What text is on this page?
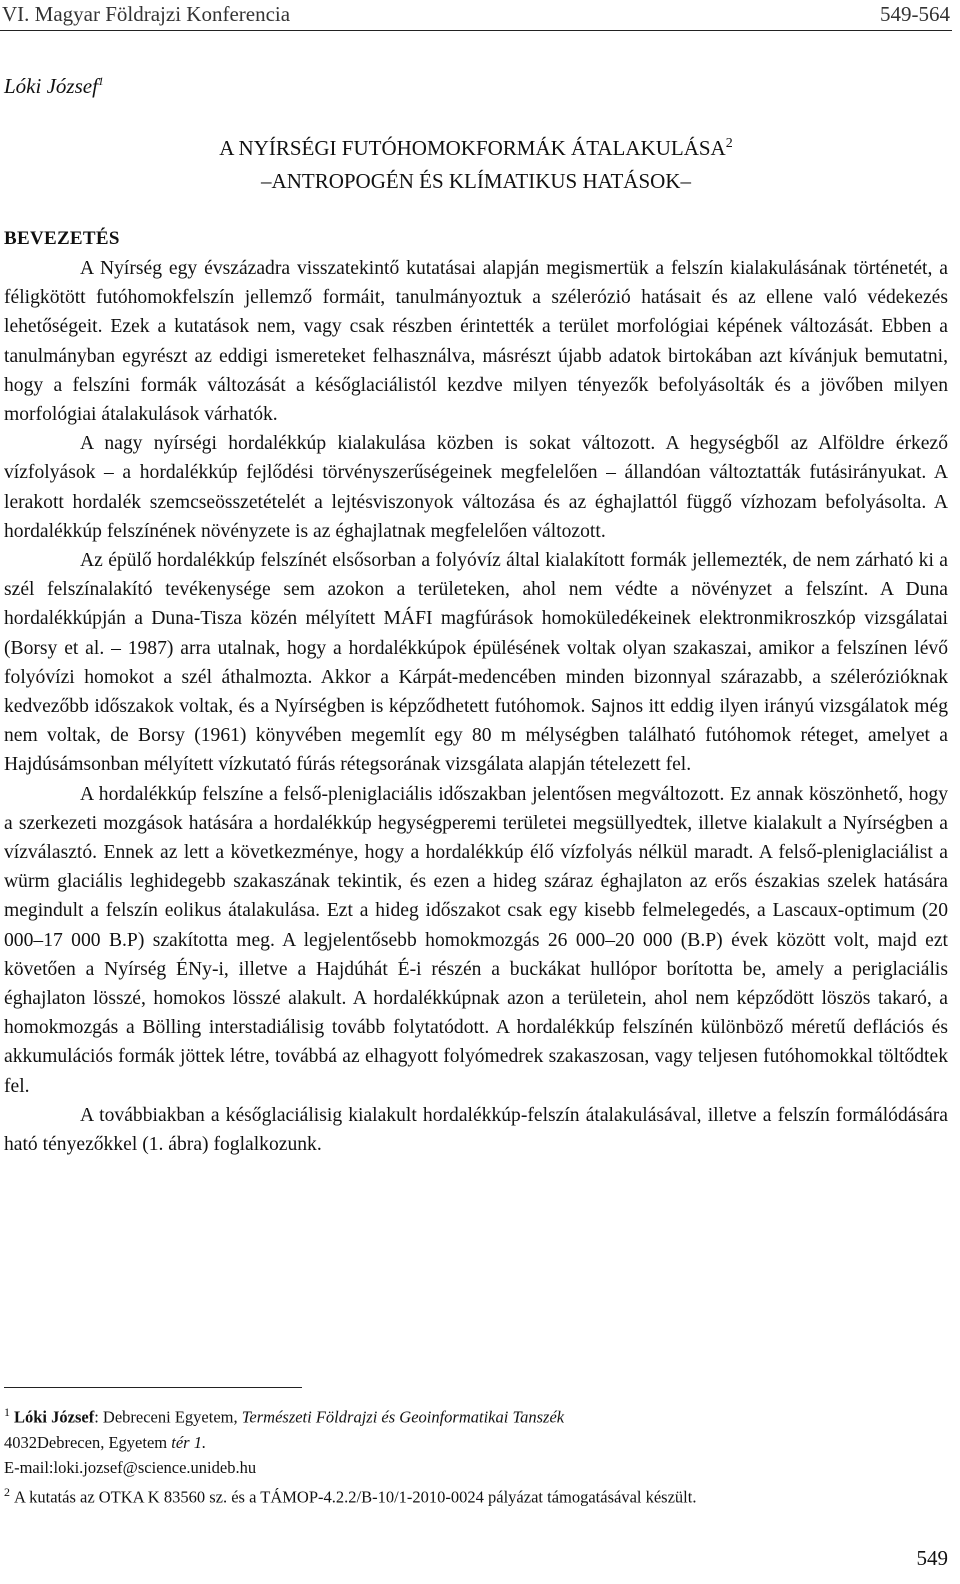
VI. Magyar Földrajzi Konferencia	549-564
Lóki József$^1$
A NYÍRSÉGI FUTÓHOMOKFORMÁK ÁTALAKULÁSA$^2$
–ANTROPOGÉN ÉS KLÍMATIKUS HATÁSOK–
BEVEZETÉS

A Nyírség egy évszázadra visszatekintő kutatásai alapján megismertük a felszín kialakulásának történetét, a féligkötött futóhomokfelszín jellemző formáit, tanulmányoztuk a szélerózió hatásait és az ellene való védekezés lehetőségeit. Ezek a kutatások nem, vagy csak részben érintették a terület morfológiai képének változását. Ebben a tanulmányban egyrészt az eddigi ismereteket felhasználva, másrészt újabb adatok birtokában azt kívánjuk bemutatni, hogy a felszíni formák változását a későglaciálistól kezdve milyen tényezők befolyásolták és a jövőben milyen morfológiai átalakulások várhatók.

A nagy nyírségi hordalékkúp kialakulása közben is sokat változott. A hegységből az Alföldre érkező vízfolyások – a hordalékkúp fejlődési törvényszerűségeinek megfelelően – állandóan változtatták futásirányukat. A lerakott hordalék szemcseösszetételét a lejtésviszonyok változása és az éghajlattól függő vízhozam befolyásolta. A hordalékkúp felszínének növényzete is az éghajlatnak megfelelően változott.

Az épülő hordalékkúp felszínét elsősorban a folyóvíz által kialakított formák jellemezték, de nem zárható ki a szél felszínalakító tevékenysége sem azokon a területeken, ahol nem védte a növényzet a felszínt. A Duna hordalékkúpján a Duna-Tisza közén mélyített MÁFI magfúrások homoküledékeinek elektronmikroszkóp vizsgálatai (Borsy et al. – 1987) arra utalnak, hogy a hordalékkúpok épülésének voltak olyan szakaszai, amikor a felszínen lévő folyóvízi homokot a szél áthalmozta. Akkor a Kárpát-medencében minden bizonnyal szárazabb, a szélerózióknak kedvezőbb időszakok voltak, és a Nyírségben is képződhetett futóhomok. Sajnos itt eddig ilyen irányú vizsgálatok még nem voltak, de Borsy (1961) könyvében megemlít egy 80 m mélységben található futóhomok réteget, amelyet a Hajdúsámsonban mélyített vízkutató fúrás rétegsorának vizsgálata alapján tételezett fel.

A hordalékkúp felszíne a felső-pleniglaciális időszakban jelentősen megváltozott. Ez annak köszönhető, hogy a szerkezeti mozgások hatására a hordalékkúp hegységperemi területei megsüllyedtek, illetve kialakult a Nyírségben a vízválasztó. Ennek az lett a következménye, hogy a hordalékkúp élő vízfolyás nélkül maradt. A felső-pleniglaciálist a würm glaciális leghidegebb szakaszának tekintik, és ezen a hideg száraz éghajlaton az erős északias szelek hatására megindult a felszín eolikus átalakulása. Ezt a hideg időszakot csak egy kisebb felmelegedés, a Lascaux-optimum (20 000–17 000 B.P) szakította meg. A legjelentősebb homokmozgás 26 000–20 000 (B.P) évek között volt, majd ezt követően a Nyírség ÉNy-i, illetve a Hajdúhát É-i részén a buckákat hullópor borította be, amely a periglaciális éghajlaton lösszé, homokos lösszé alakult. A hordalékkúpnak azon a területein, ahol nem képződött löszös takaró, a homokmozgás a Bölling interstadiálisig tovább folytatódott. A hordalékkúp felszínén különböző méretű deflációs és akkumulációs formák jöttek létre, továbbá az elhagyott folyómedrek szakaszosan, vagy teljesen futóhomokkal töltődtek fel.

A továbbiakban a későglaciálisig kialakult hordalékkúp-felszín átalakulásával, illetve a felszín formálódására ható tényezőkkel (1. ábra) foglalkozunk.

$^1$ Lóki József: Debreceni Egyetem, Természeti Földrajzi és Geoinformatikai Tanszék

4032Debrecen, Egyetem tér 1.

E-mail:loki.jozsef@science.unideb.hu

$^2$ A kutatás az OTKA K 83560 sz. és a TÁMOP-4.2.2/B-10/1-2010-0024 pályázat támogatásával készült.

549
